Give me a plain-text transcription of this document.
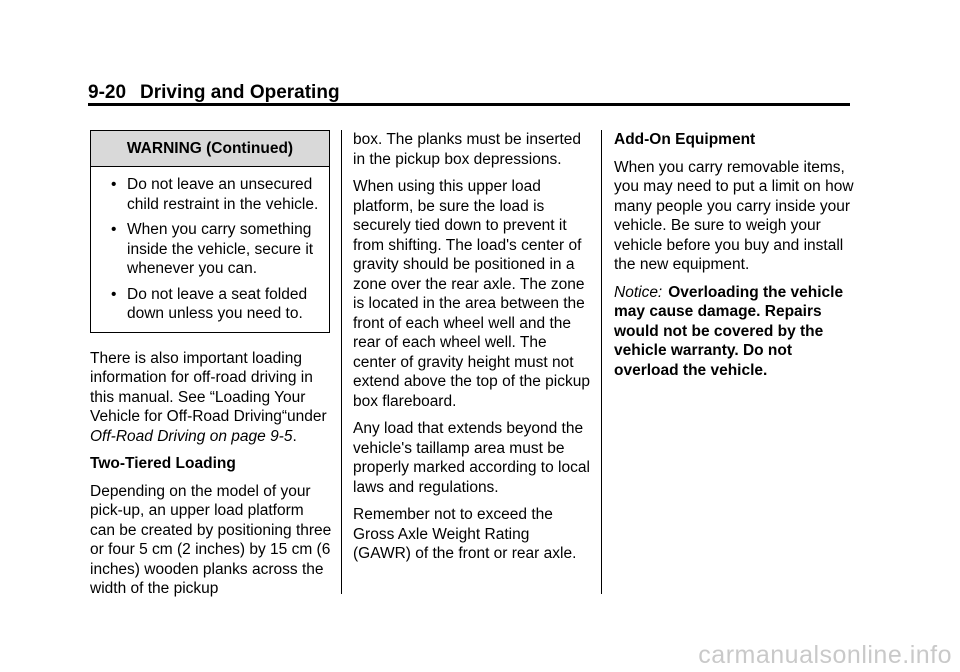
9-20 Driving and Operating
WARNING (Continued)
• Do not leave an unsecured child restraint in the vehicle.
• When you carry something inside the vehicle, secure it whenever you can.
• Do not leave a seat folded down unless you need to.

There is also important loading information for off-road driving in this manual. See “Loading Your Vehicle for Off-Road Driving“under Off-Road Driving on page 9-5.

Two-Tiered Loading

Depending on the model of your pick-up, an upper load platform can be created by positioning three or four 5 cm (2 inches) by 15 cm (6 inches) wooden planks across the width of the pickup

box. The planks must be inserted in the pickup box depressions.

When using this upper load platform, be sure the load is securely tied down to prevent it from shifting. The load's center of gravity should be positioned in a zone over the rear axle. The zone is located in the area between the front of each wheel well and the rear of each wheel well. The center of gravity height must not extend above the top of the pickup box flareboard.

Any load that extends beyond the vehicle's taillamp area must be properly marked according to local laws and regulations.

Remember not to exceed the Gross Axle Weight Rating (GAWR) of the front or rear axle.

Add-On Equipment

When you carry removable items, you may need to put a limit on how many people you carry inside your vehicle. Be sure to weigh your vehicle before you buy and install the new equipment.

Notice: Overloading the vehicle may cause damage. Repairs would not be covered by the vehicle warranty. Do not overload the vehicle.

carmanualsonline.info
